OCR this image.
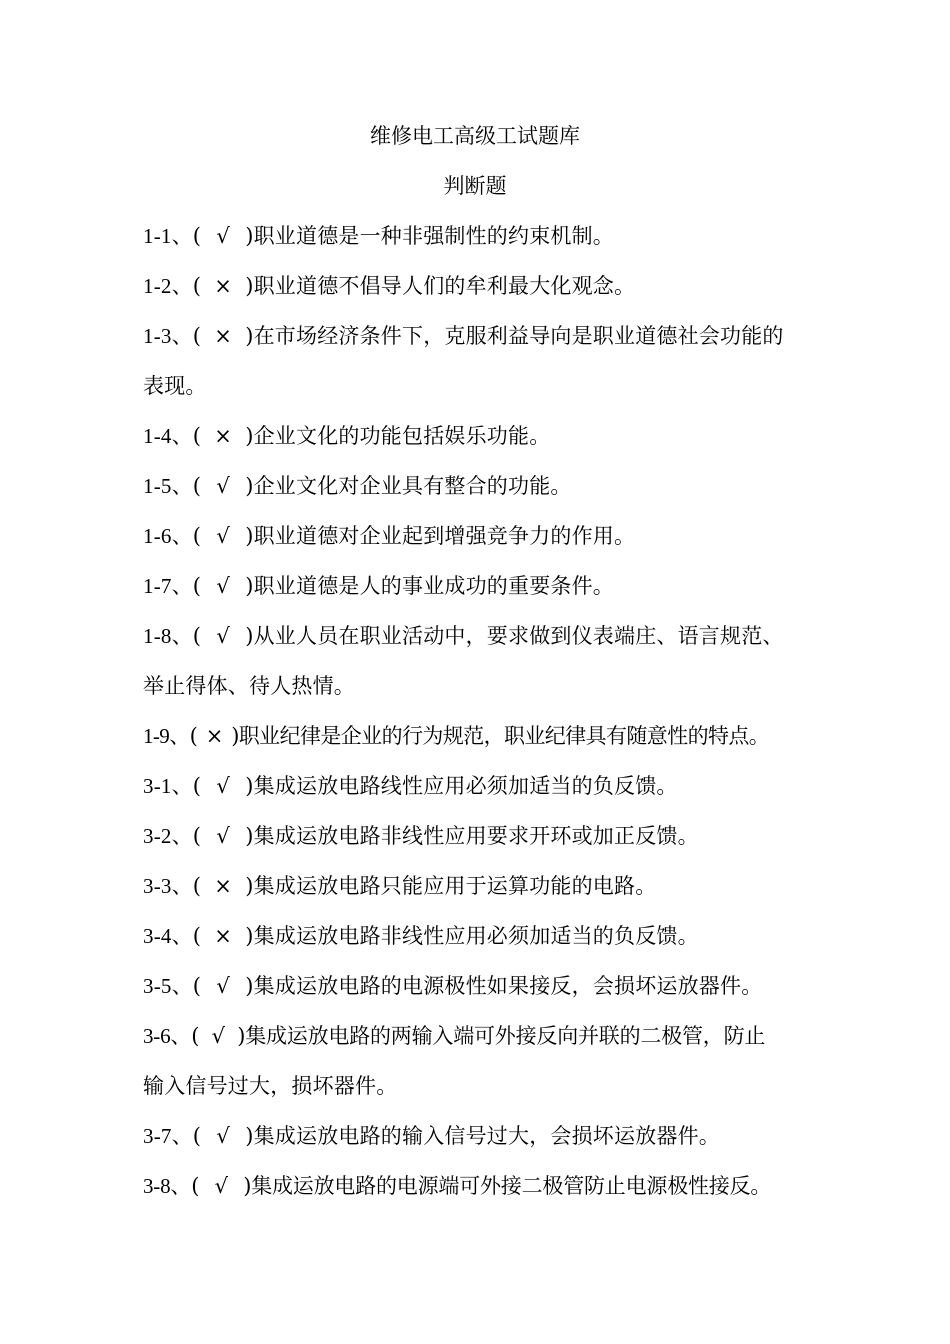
维修电工高级工试题库
判断题
1-1、( √ )职业道德是一种非强制性的约束机制。
1-2、( × )职业道德不倡导人们的牟利最大化观念。
1-3、( × )在市场经济条件下，克服利益导向是职业道德社会功能的
表现。
1-4、( × )企业文化的功能包括娱乐功能。
1-5、( √ )企业文化对企业具有整合的功能。
1-6、( √ )职业道德对企业起到增强竞争力的作用。
1-7、( √ )职业道德是人的事业成功的重要条件。
1-8、( √ )从业人员在职业活动中，要求做到仪表端庄、语言规范、
举止得体、待人热情。
1-9、( × )职业纪律是企业的行为规范，职业纪律具有随意性的特点。
3-1、( √ )集成运放电路线性应用必须加适当的负反馈。
3-2、( √ )集成运放电路非线性应用要求开环或加正反馈。
3-3、( × )集成运放电路只能应用于运算功能的电路。
3-4、( × )集成运放电路非线性应用必须加适当的负反馈。
3-5、( √ )集成运放电路的电源极性如果接反，会损坏运放器件。
3-6、( √ )集成运放电路的两输入端可外接反向并联的二极管，防止
输入信号过大，损坏器件。
3-7、( √ )集成运放电路的输入信号过大，会损坏运放器件。
3-8、( √ )集成运放电路的电源端可外接二极管防止电源极性接反。
